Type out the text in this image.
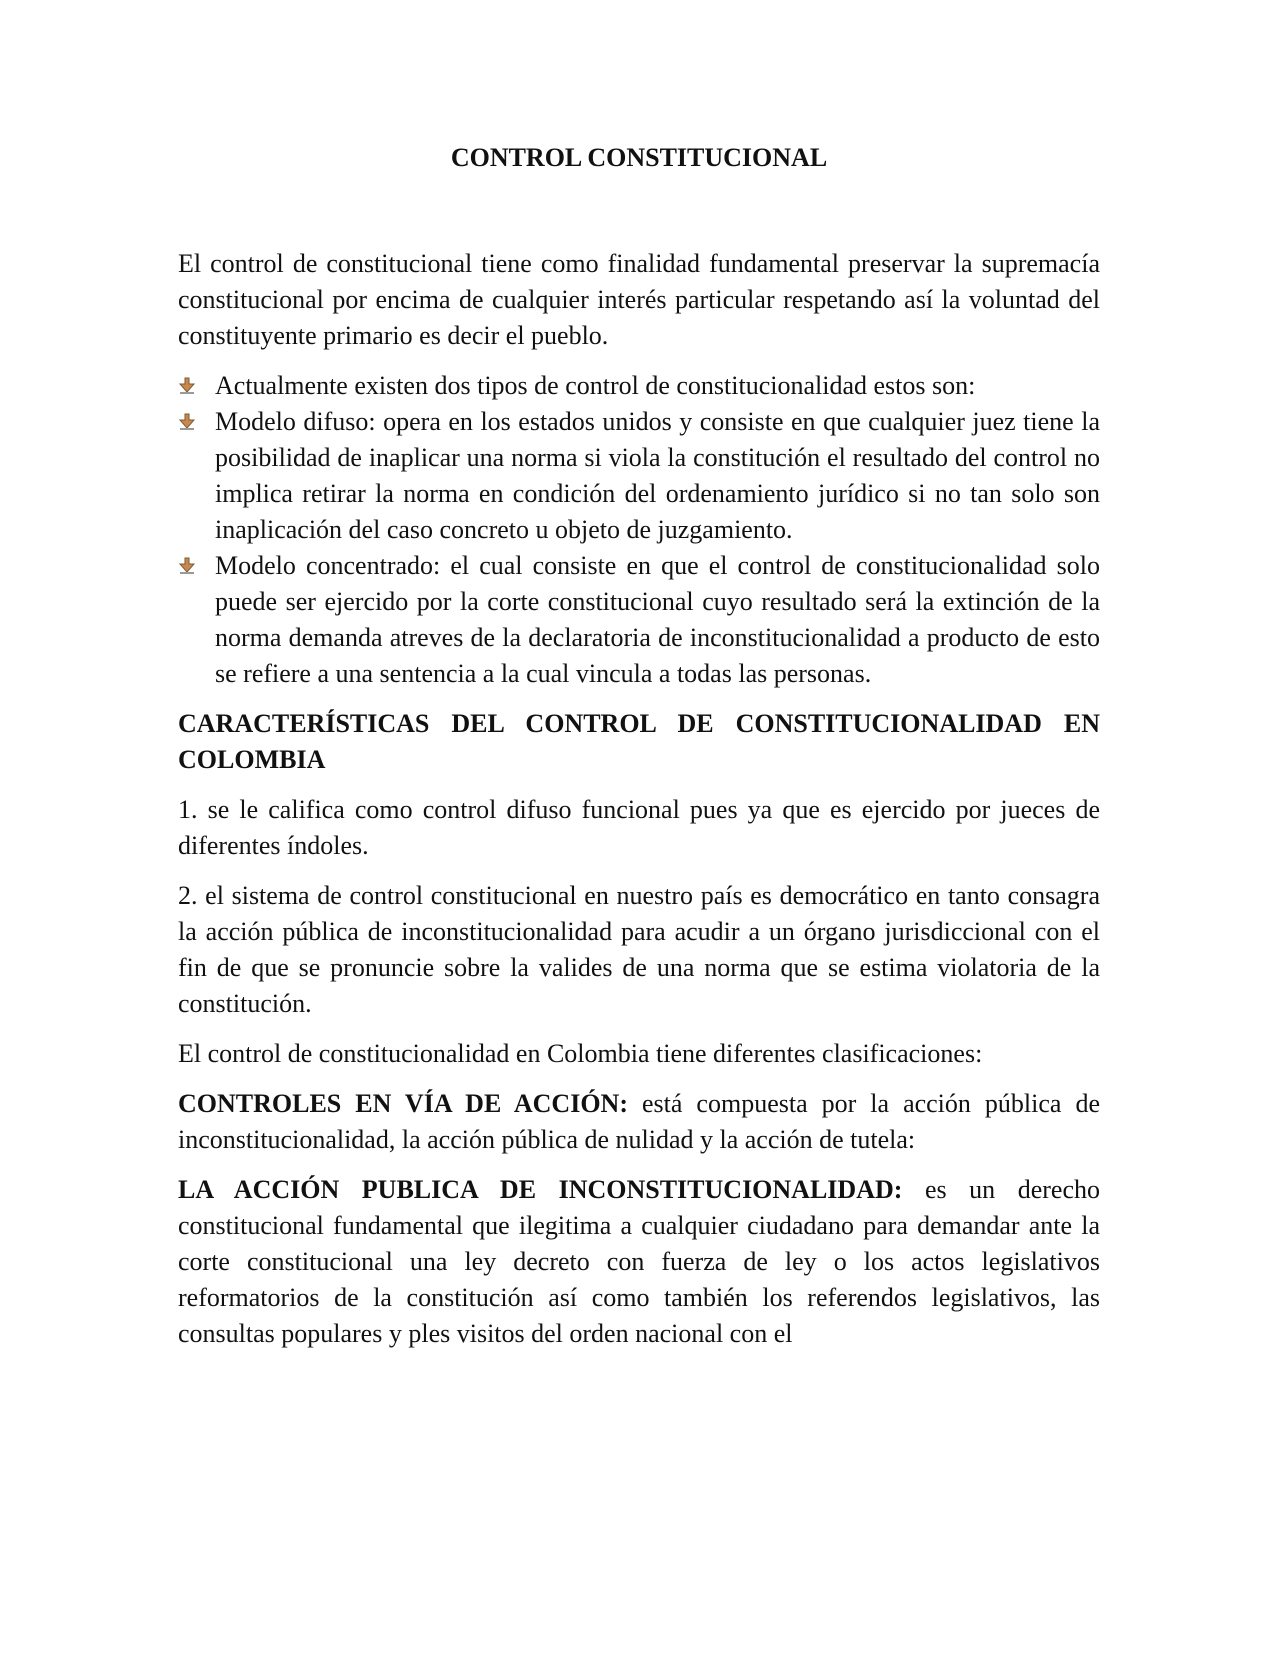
CONTROL CONSTITUCIONAL

El control de constitucional tiene como finalidad fundamental preservar la supremacía constitucional por encima de cualquier interés particular respetando así la voluntad del constituyente primario es decir el pueblo.

Actualmente existen dos tipos de control de constitucionalidad estos son:
Modelo difuso: opera en los estados unidos y consiste en que cualquier juez tiene la posibilidad de inaplicar una norma si viola la constitución el resultado del control no implica retirar la norma en condición del ordenamiento jurídico si no tan solo son inaplicación del caso concreto u objeto de juzgamiento.
Modelo concentrado: el cual consiste en que el control de constitucionalidad solo puede ser ejercido por la corte constitucional cuyo resultado será la extinción de la norma demanda atreves de la declaratoria de inconstitucionalidad a producto de esto se refiere a una sentencia a la cual vincula a todas las personas.
CARACTERÍSTICAS DEL CONTROL DE CONSTITUCIONALIDAD EN COLOMBIA

1. se le califica como control difuso funcional pues ya que es ejercido por jueces de diferentes índoles.

2. el sistema de control constitucional en nuestro país es democrático en tanto consagra la acción pública de inconstitucionalidad para acudir a un órgano jurisdiccional con el fin de que se pronuncie sobre la valides de una norma que se estima violatoria de la constitución.

El control de constitucionalidad en Colombia tiene diferentes clasificaciones:

CONTROLES EN VÍA DE ACCIÓN: está compuesta por la acción pública de inconstitucionalidad, la acción pública de nulidad y la acción de tutela:

LA ACCIÓN PUBLICA DE INCONSTITUCIONALIDAD: es un derecho constitucional fundamental que ilegitima a cualquier ciudadano para demandar ante la corte constitucional una ley decreto con fuerza de ley o los actos legislativos reformatorios de la constitución así como también los referendos legislativos, las consultas populares y ples visitos del orden nacional con el
